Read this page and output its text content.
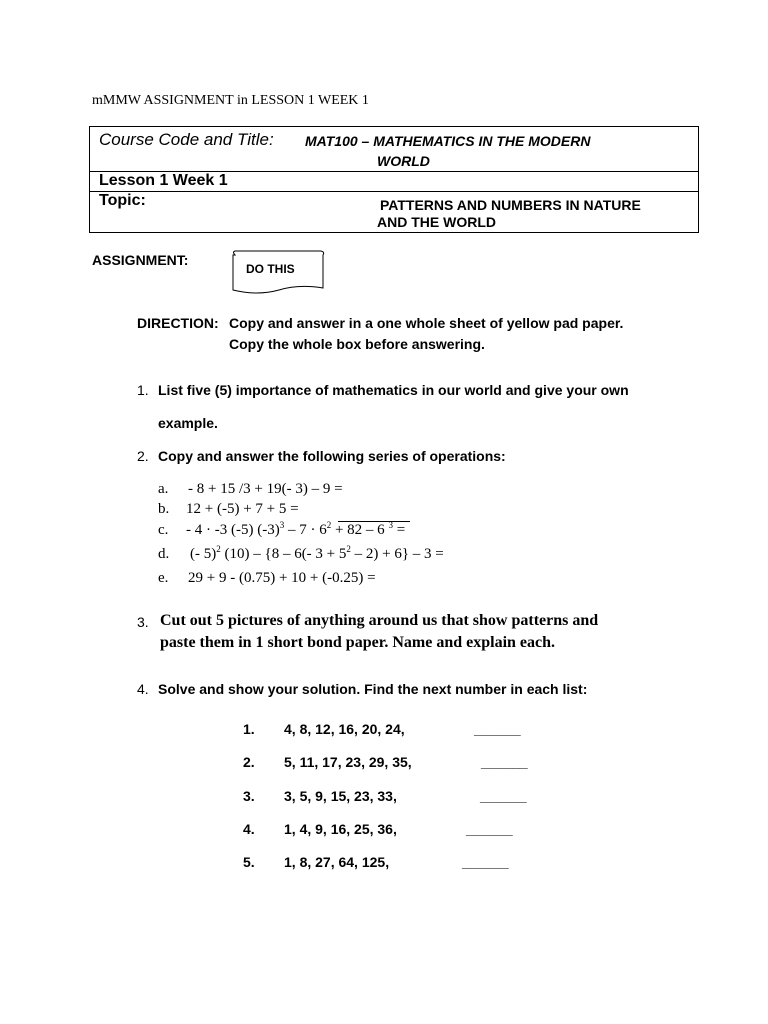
mMMW ASSIGNMENT in LESSON 1 WEEK 1
Course Code and Title: MAT100 – MATHEMATICS IN THE MODERN
WORLD
Lesson 1 Week 1
Topic:	PATTERNS AND NUMBERS IN NATURE
AND THE WORLD
ASSIGNMENT:
DO THIS
DIRECTION: Copy and answer in a one whole sheet of yellow pad paper.
Copy the whole box before answering.
1. List five (5) importance of mathematics in our world and give your own
example.
2. Copy and answer the following series of operations:
a. - 8 + 15 /3 + 19(- 3) – 9 =
b. 12 + (-5) + 7 + 5 =
c. - 4 · -3 (-5) $(-3)^3 - 7 \cdot 6^2 + 82 - 6$ $^3$ =
d. (- 5)$^2$ (10) – {8 – 6(- $3 + 5^2 - 2) + 6\} - 3$ =
e. 29 + 9 - (0.75) + 10 + (-0.25) =
3. Cut out 5 pictures of anything around us that show patterns and
paste them in 1 short bond paper. Name and explain each.
4. Solve and show your solution. Find the next number in each list:
1. 4, 8, 12, 16, 20, 24,	______
2. 5, 11, 17, 23, 29, 35,	______
3. 3, 5, 9, 15, 23, 33,	______
4. 1, 4, 9, 16, 25, 36,	______
5. 1, 8, 27, 64, 125,	______
